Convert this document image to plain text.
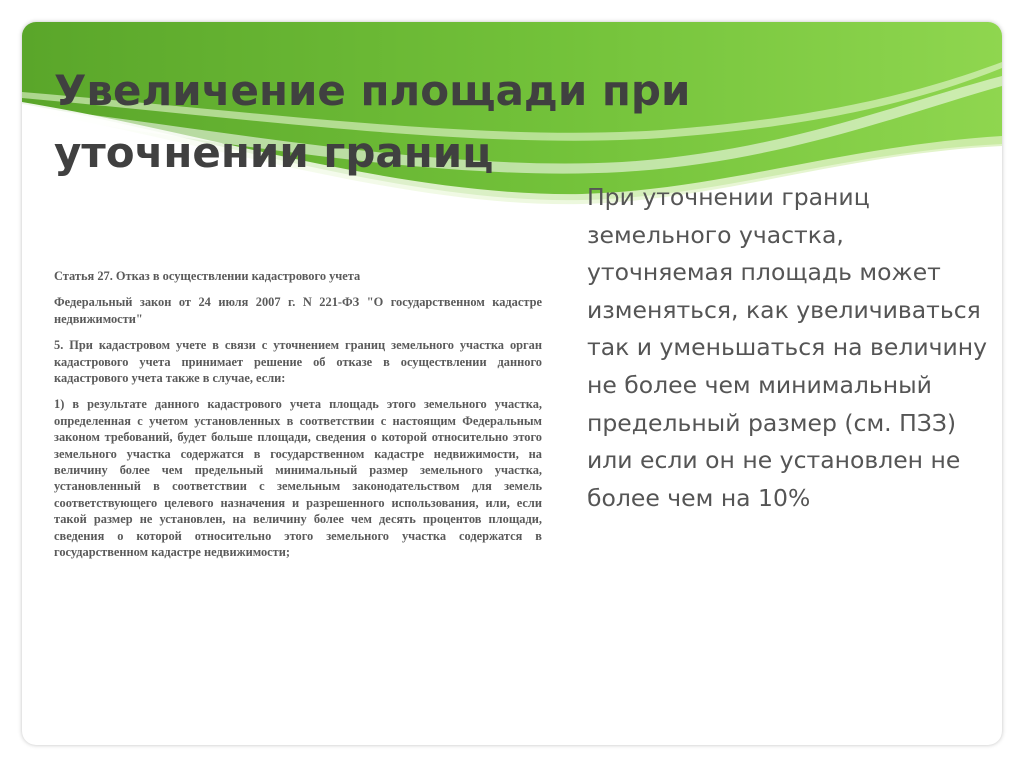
Увеличение площади при уточнении границ

Статья 27. Отказ в осуществлении кадастрового учета

Федеральный закон от 24 июля 2007 г. N 221-ФЗ "О государственном кадастре недвижимости"

5. При кадастровом учете в связи с уточнением границ земельного участка орган кадастрового учета принимает решение об отказе в осуществлении данного кадастрового учета также в случае, если:

1) в результате данного кадастрового учета площадь этого земельного участка, определенная с учетом установленных в соответствии с настоящим Федеральным законом требований, будет больше площади, сведения о которой относительно этого земельного участка содержатся в государственном кадастре недвижимости, на величину более чем предельный минимальный размер земельного участка, установленный в соответствии с земельным законодательством для земель соответствующего целевого назначения и разрешенного использования, или, если такой размер не установлен, на величину более чем десять процентов площади, сведения о которой относительно этого земельного участка содержатся в государственном кадастре недвижимости;

При уточнении границ земельного участка, уточняемая площадь может изменяться, как увеличиваться так и уменьшаться на величину не более чем минимальный предельный размер (см. ПЗЗ) или если он не установлен не более чем на 10%
